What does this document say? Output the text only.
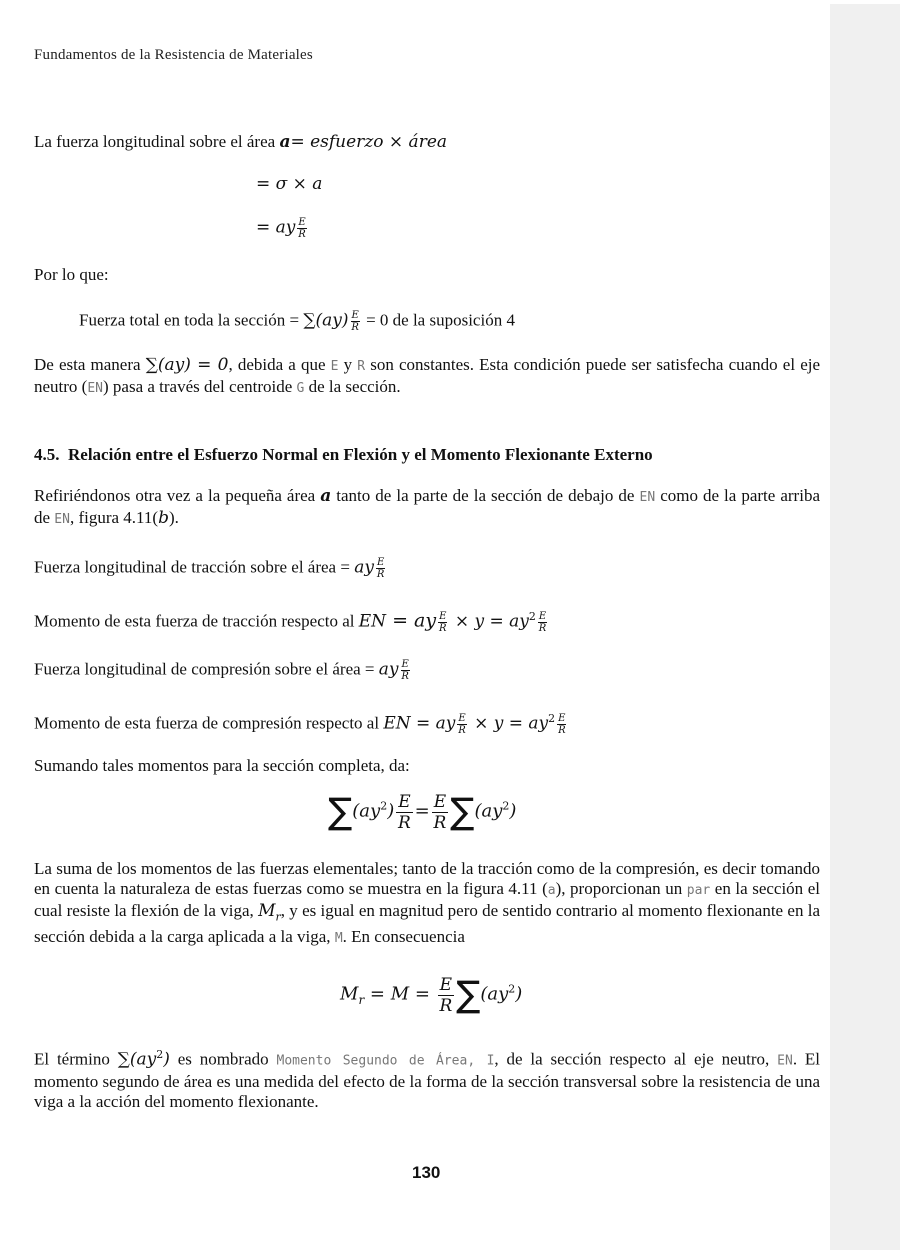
Fundamentos de la Resistencia de Materiales
La fuerza longitudinal sobre el área a= esfuerzo × área
= σ × a
= ay $\frac{E}{R}$
Por lo que:
Fuerza total en toda la sección = $\sum(ay) \frac{E}{R} = 0$ de la suposición 4
De esta manera ∑(ay) = 0, debida a que E y R son constantes. Esta condición puede ser satisfecha cuando el eje neutro (EN) pasa a través del centroide G de la sección.
4.5. Relación entre el Esfuerzo Normal en Flexión y el Momento Flexionante Externo
Refiriéndonos otra vez a la pequeña área a tanto de la parte de la sección de debajo de EN como de la parte arriba de EN, figura 4.11(b).
Fuerza longitudinal de tracción sobre el área = ay $\frac{E}{R}$
Momento de esta fuerza de tracción respecto al EN = ay $\frac{E}{R} \times y = ay^2 \frac{E}{R}$
Fuerza longitudinal de compresión sobre el área = ay $\frac{E}{R}$
Momento de esta fuerza de compresión respecto al EN = ay $\frac{E}{R} \times y = ay^2 \frac{E}{R}$
Sumando tales momentos para la sección completa, da:
$\sum(ay^2) \frac{E}{R} = \frac{E}{R} \sum(ay^2)$
La suma de los momentos de las fuerzas elementales; tanto de la tracción como de la compresión, es decir tomando en cuenta la naturaleza de estas fuerzas como se muestra en la figura 4.11 (a), proporcionan un par en la sección el cual resiste la flexión de la viga, $M_r$, y es igual en magnitud pero de sentido contrario al momento flexionante en la sección debida a la carga aplicada a la viga, M. En consecuencia
$M_r = M = \frac{E}{R} \sum(ay^2)$
El término $\sum(ay^2)$ es nombrado Momento Segundo de Área, I, de la sección respecto al eje neutro, EN. El momento segundo de área es una medida del efecto de la forma de la sección transversal sobre la resistencia de una viga a la acción del momento flexionante.
130
